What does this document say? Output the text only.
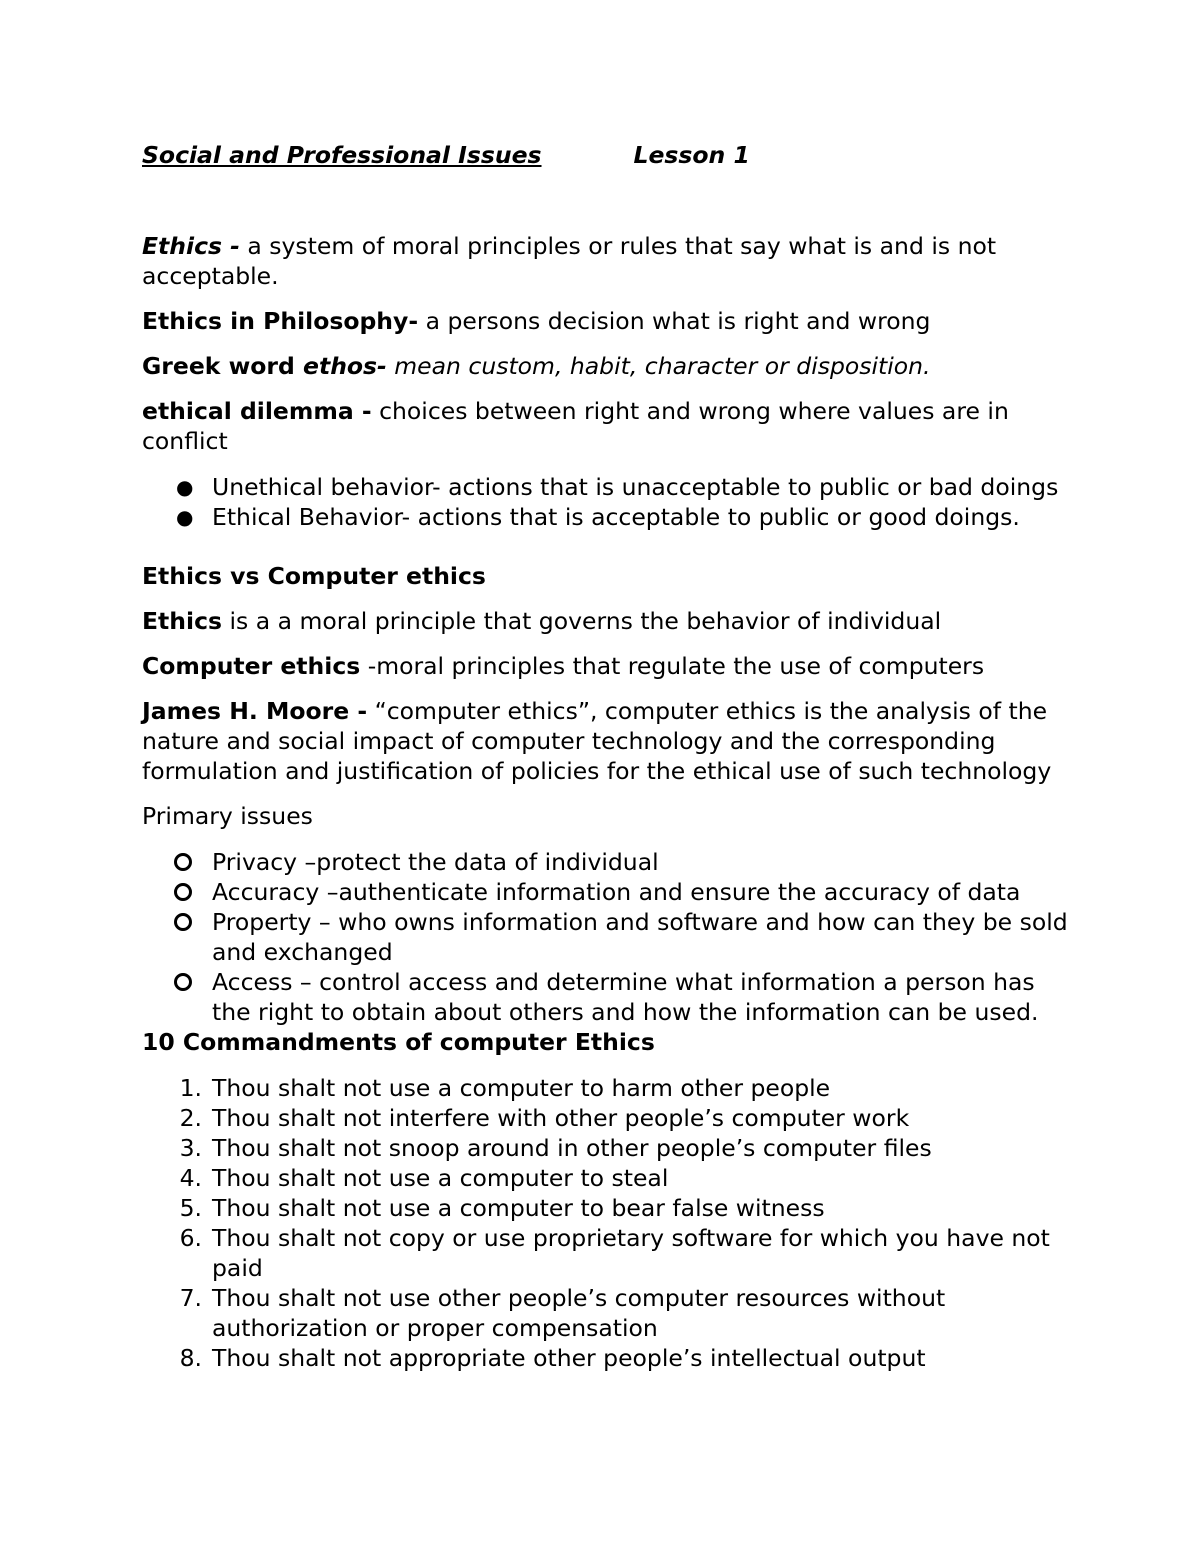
Social and Professional Issues	Lesson 1

Ethics - a system of moral principles or rules that say what is and is not acceptable.

Ethics in Philosophy- a persons decision what is right and wrong

Greek word ethos- mean custom, habit, character or disposition.

ethical dilemma - choices between right and wrong where values are in conflict

● Unethical behavior- actions that is unacceptable to public or bad doings
● Ethical Behavior- actions that is acceptable to public or good doings.

Ethics vs Computer ethics

Ethics is a a moral principle that governs the behavior of individual

Computer ethics -moral principles that regulate the use of computers

James H. Moore - “computer ethics”, computer ethics is the analysis of the nature and social impact of computer technology and the corresponding formulation and justification of policies for the ethical use of such technology

Primary issues

Privacy –protect the data of individual
Accuracy –authenticate information and ensure the accuracy of data
Property – who owns information and software and how can they be sold and exchanged
Access – control access and determine what information a person has the right to obtain about others and how the information can be used.

10 Commandments of computer Ethics

1. Thou shalt not use a computer to harm other people
2. Thou shalt not interfere with other people’s computer work
3. Thou shalt not snoop around in other people’s computer files
4. Thou shalt not use a computer to steal
5. Thou shalt not use a computer to bear false witness
6. Thou shalt not copy or use proprietary software for which you have not paid
7. Thou shalt not use other people’s computer resources without authorization or proper compensation
8. Thou shalt not appropriate other people’s intellectual output
